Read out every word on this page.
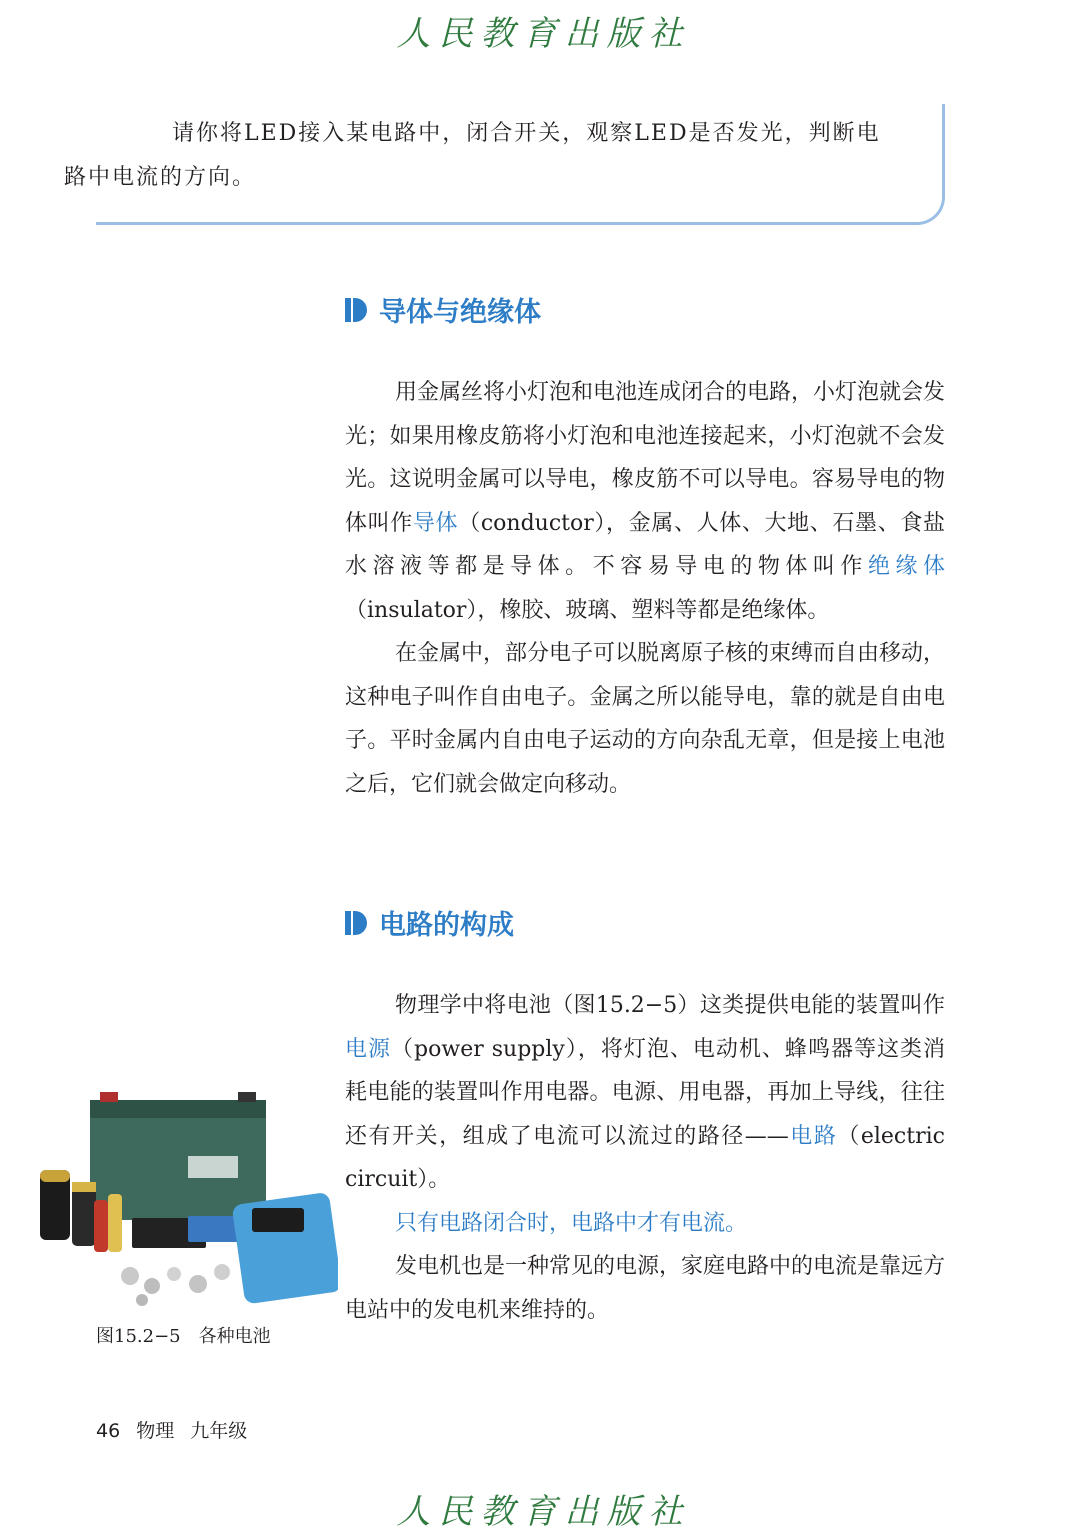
人民教育出版社

请你将LED接入某电路中，闭合开关，观察LED是否发光，判断电
路中电流的方向。

导体与绝缘体

用金属丝将小灯泡和电池连成闭合的电路，小灯泡就会发光；如果用橡皮筋将小灯泡和电池连接起来，小灯泡就不会发光。这说明金属可以导电，橡皮筋不可以导电。容易导电的物体叫作导体（conductor），金属、人体、大地、石墨、食盐水溶液等都是导体。不容易导电的物体叫作绝缘体（insulator），橡胶、玻璃、塑料等都是绝缘体。

在金属中，部分电子可以脱离原子核的束缚而自由移动，这种电子叫作自由电子。金属之所以能导电，靠的就是自由电子。平时金属内自由电子运动的方向杂乱无章，但是接上电池之后，它们就会做定向移动。

电路的构成

物理学中将电池（图15.2−5）这类提供电能的装置叫作电源（power supply），将灯泡、电动机、蜂鸣器等这类消耗电能的装置叫作用电器。电源、用电器，再加上导线，往往还有开关，组成了电流可以流过的路径——电路（electric circuit）。

只有电路闭合时，电路中才有电流。

发电机也是一种常见的电源，家庭电路中的电流是靠远方电站中的发电机来维持的。

图15.2−5　各种电池
46 物理 九年级
人民教育出版社
